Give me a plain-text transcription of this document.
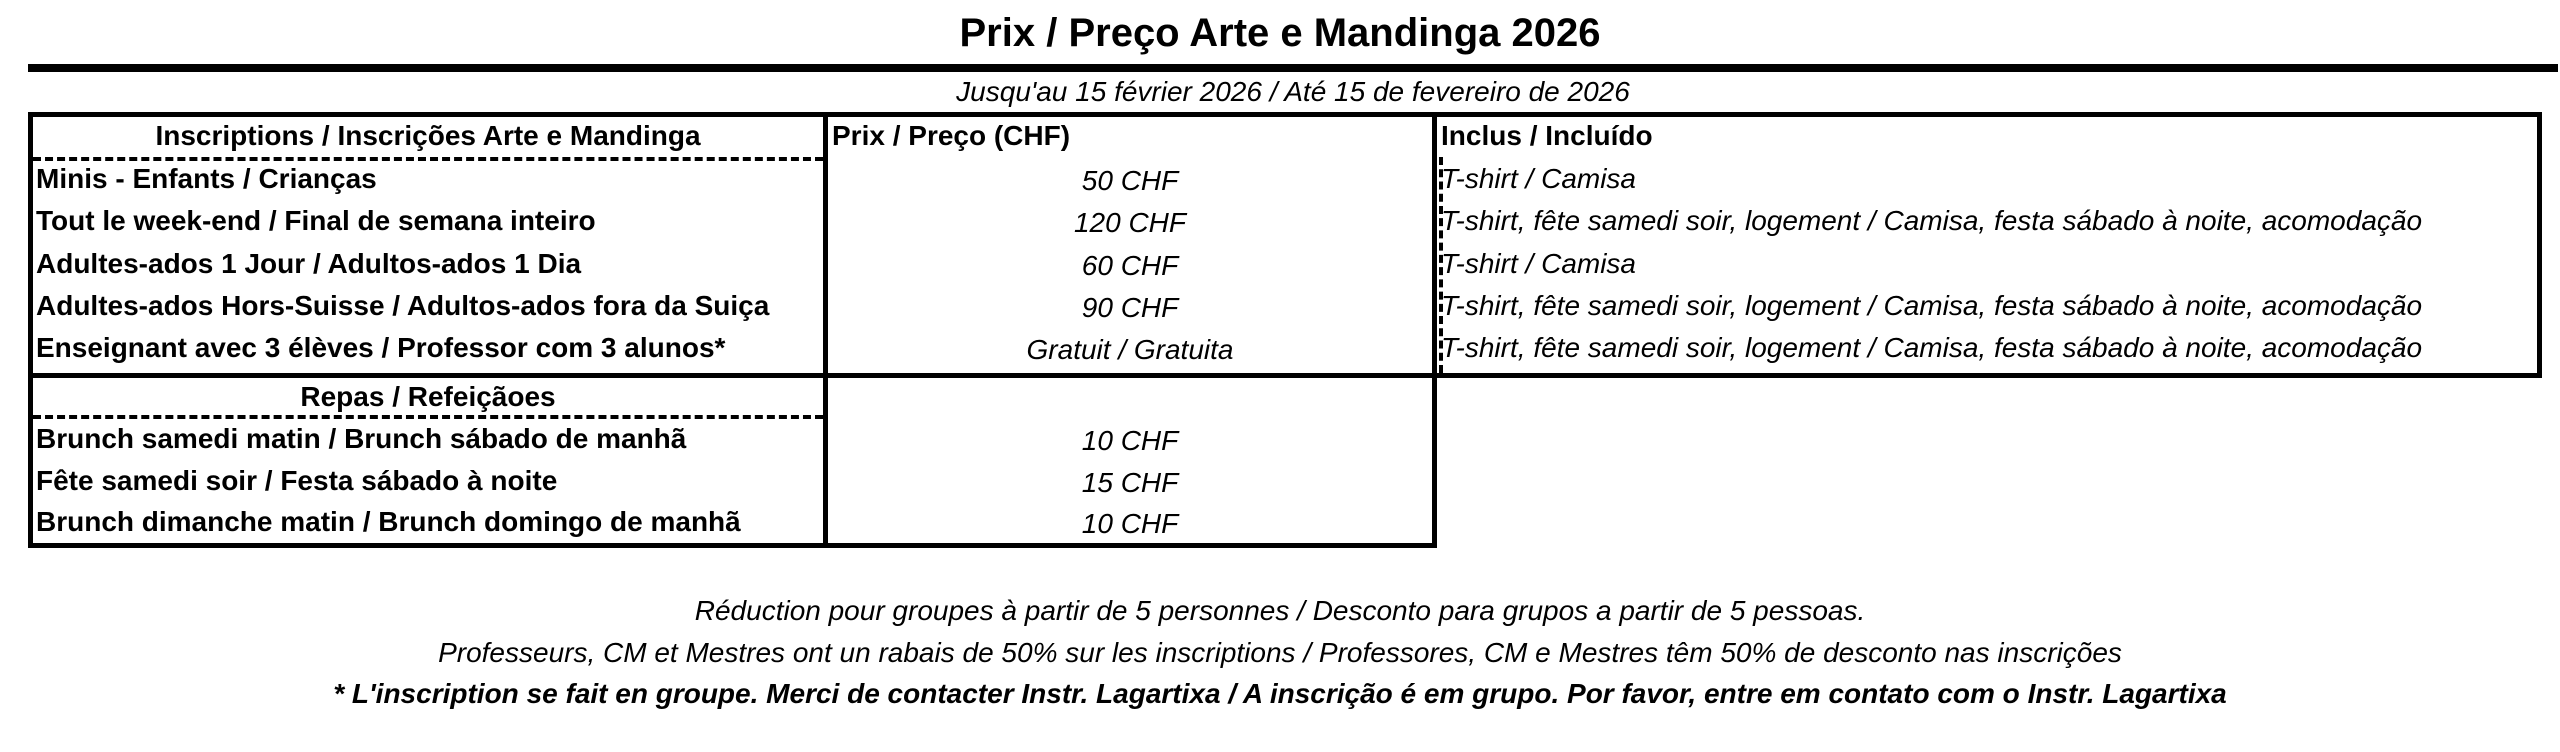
Prix / Preço Arte e Mandinga 2026
Jusqu'au 15 février 2026 / Até 15 de fevereiro de 2026
Inscriptions / Inscrições Arte e Mandinga	Prix / Preço (CHF)	Inclus / Incluído
Minis - Enfants / Crianças	50 CHF	T-shirt / Camisa
Tout le week-end / Final de semana inteiro	120 CHF	T-shirt, fête samedi soir, logement / Camisa, festa sábado à noite, acomodação
Adultes-ados 1 Jour / Adultos-ados 1 Dia	60 CHF	T-shirt / Camisa
Adultes-ados Hors-Suisse / Adultos-ados fora da Suiça	90 CHF	T-shirt, fête samedi soir, logement / Camisa, festa sábado à noite, acomodação
Enseignant avec 3 élèves / Professor com 3 alunos*	Gratuit / Gratuita	T-shirt, fête samedi soir, logement / Camisa, festa sábado à noite, acomodação
Repas / Refeiçãoes
Brunch samedi matin / Brunch sábado de manhã	10 CHF
Fête samedi soir / Festa sábado à noite	15 CHF
Brunch dimanche matin / Brunch domingo de manhã	10 CHF
Réduction pour groupes à partir de 5 personnes / Desconto para grupos a partir de 5 pessoas.
Professeurs, CM et Mestres ont un rabais de 50% sur les inscriptions / Professores, CM e Mestres têm 50% de desconto nas inscrições
* L'inscription se fait en groupe. Merci de contacter Instr. Lagartixa / A inscrição é em grupo. Por favor, entre em contato com o Instr. Lagartixa
